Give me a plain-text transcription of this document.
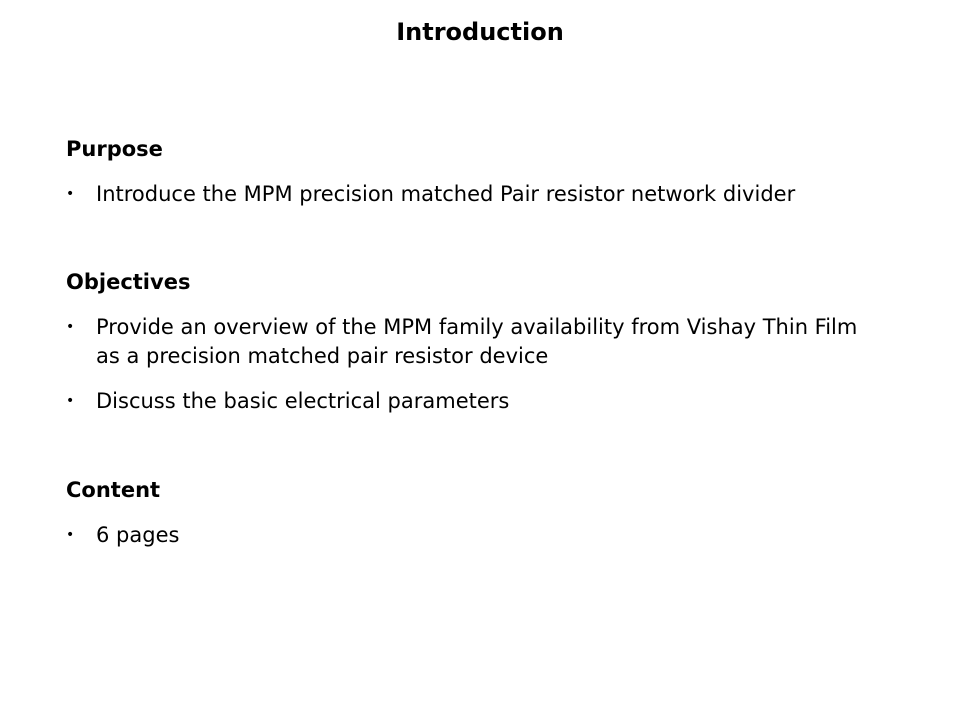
Introduction
Purpose
• Introduce the MPM precision matched Pair resistor network divider
Objectives
• Provide an overview of the MPM family availability from Vishay Thin Film as a precision matched pair resistor device
• Discuss the basic electrical parameters
Content
• 6 pages
